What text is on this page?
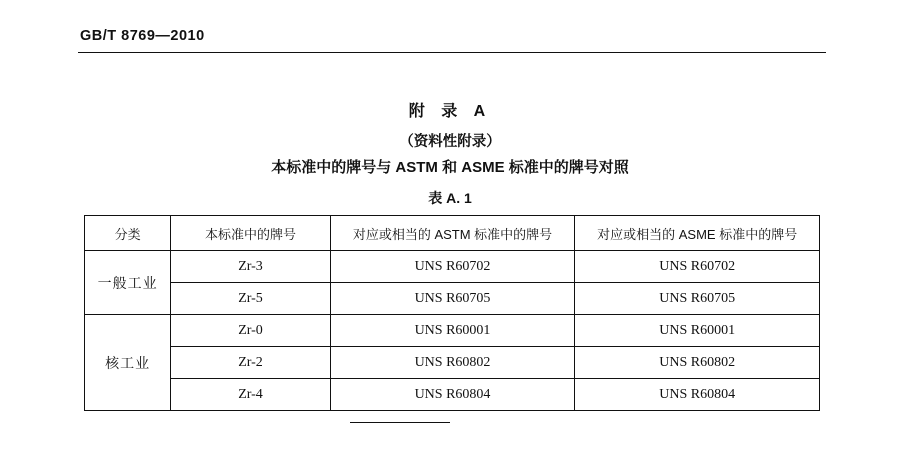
GB/T 8769—2010
附 录 A
（资料性附录）
本标准中的牌号与 ASTM 和 ASME 标准中的牌号对照
表 A. 1
分类	本标准中的牌号	对应或相当的 ASTM 标准中的牌号	对应或相当的 ASME 标准中的牌号
一般工业	Zr-3	UNS R60702	UNS R60702
	Zr-5	UNS R60705	UNS R60705
核工业	Zr-0	UNS R60001	UNS R60001
	Zr-2	UNS R60802	UNS R60802
	Zr-4	UNS R60804	UNS R60804
